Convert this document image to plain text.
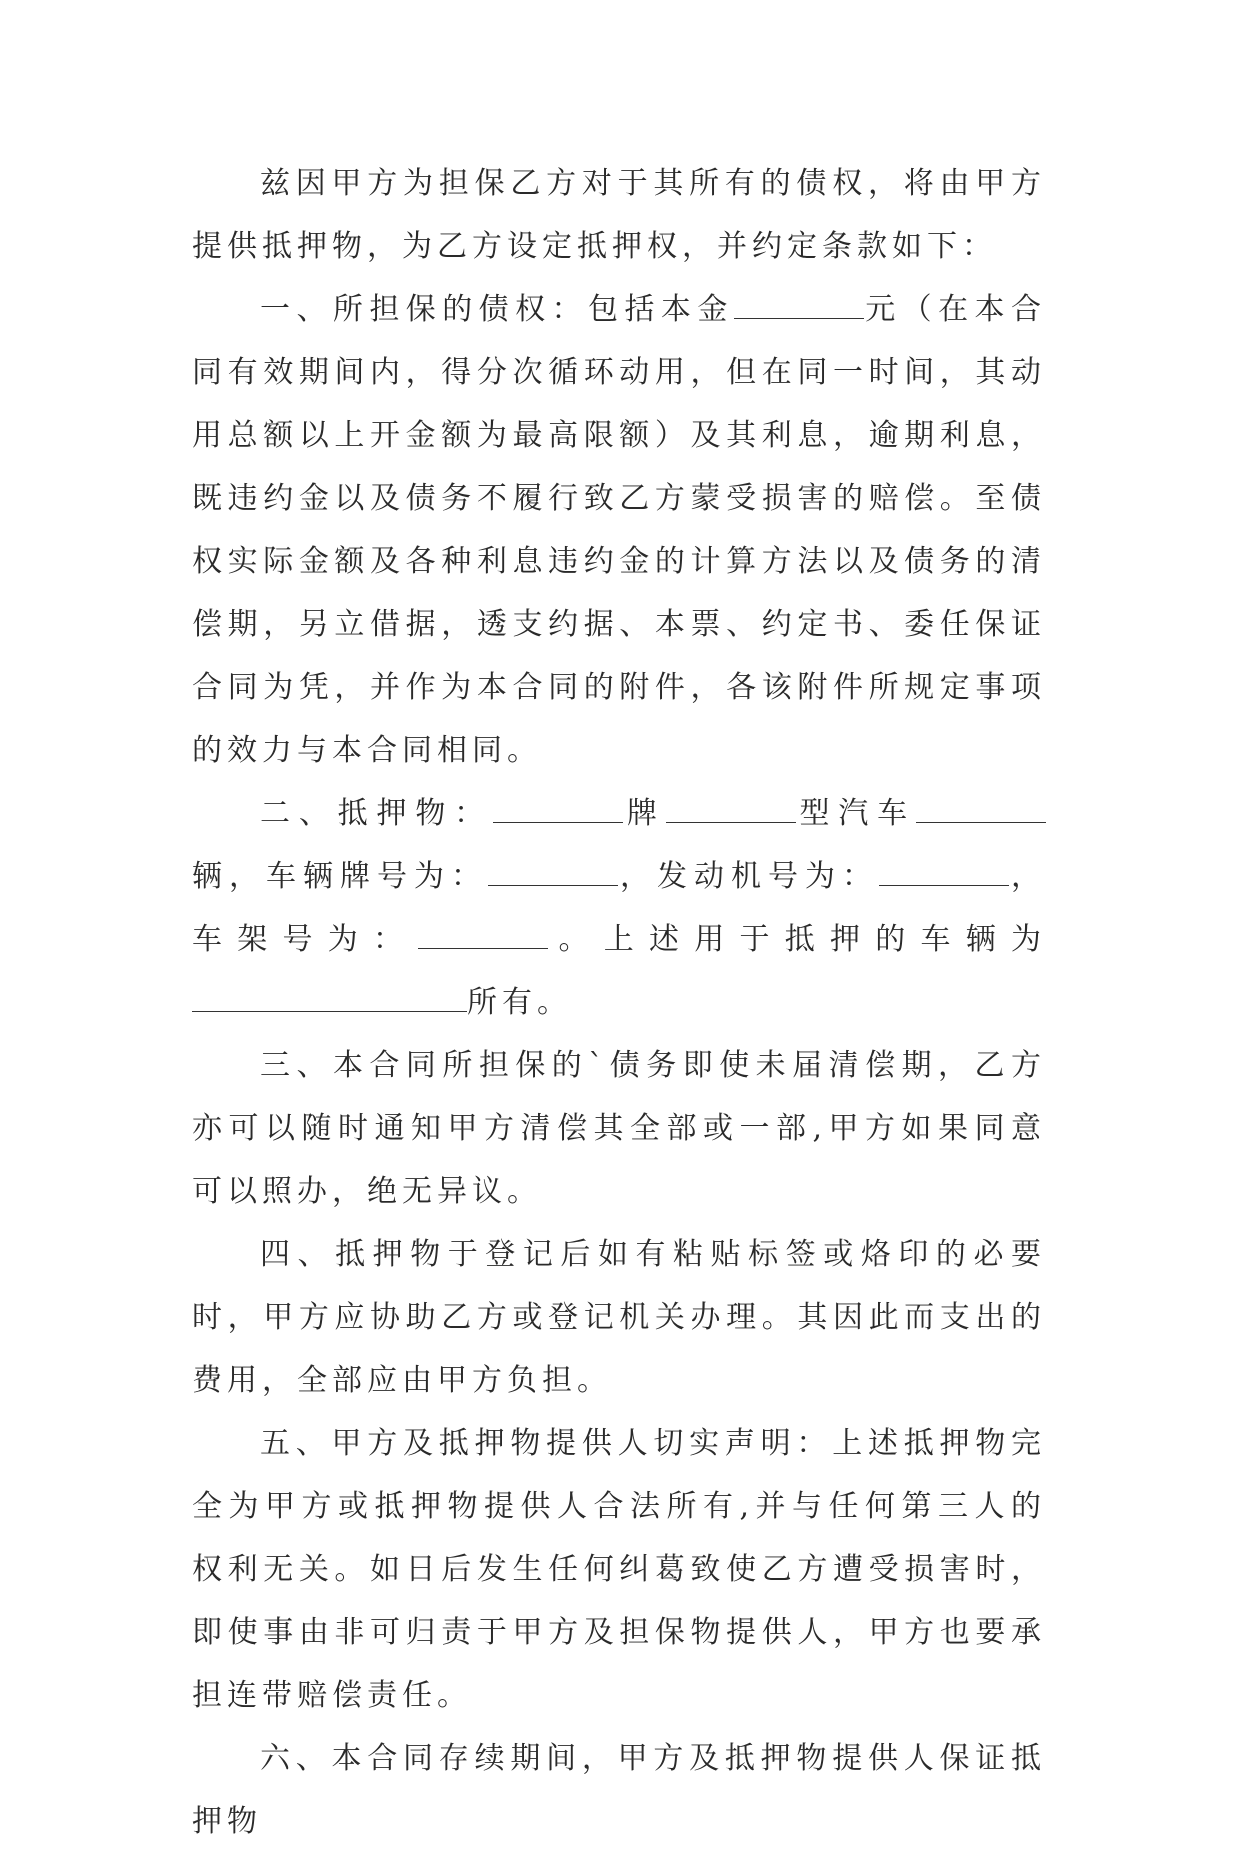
兹因甲方为担保乙方对于其所有的债权，将由甲方提供抵押物，为乙方设定抵押权，并约定条款如下：

一、所担保的债权：包括本金	元（在本合同有效期间内，得分次循环动用，但在同一时间，其动用总额以上开金额为最高限额）及其利息，逾期利息，既违约金以及债务不履行致乙方蒙受损害的赔偿。至债权实际金额及各种利息违约金的计算方法以及债务的清偿期，另立借据，透支约据、本票、约定书、委任保证合同为凭，并作为本合同的附件，各该附件所规定事项的效力与本合同相同。

二、抵押物：	牌	型汽车辆，车辆牌号为：	，发动机号为：	，车架号为：	。上述用于抵押的车辆为所有。

三、本合同所担保的`债务即使未届清偿期，乙方亦可以随时通知甲方清偿其全部或一部,甲方如果同意可以照办，绝无异议。

四、抵押物于登记后如有粘贴标签或烙印的必要时，甲方应协助乙方或登记机关办理。其因此而支出的费用，全部应由甲方负担。

五、甲方及抵押物提供人切实声明：上述抵押物完全为甲方或抵押物提供人合法所有,并与任何第三人的权利无关。如日后发生任何纠葛致使乙方遭受损害时，即使事由非可归责于甲方及担保物提供人，甲方也要承担连带赔偿责任。

六、本合同存续期间，甲方及抵押物提供人保证抵押物
